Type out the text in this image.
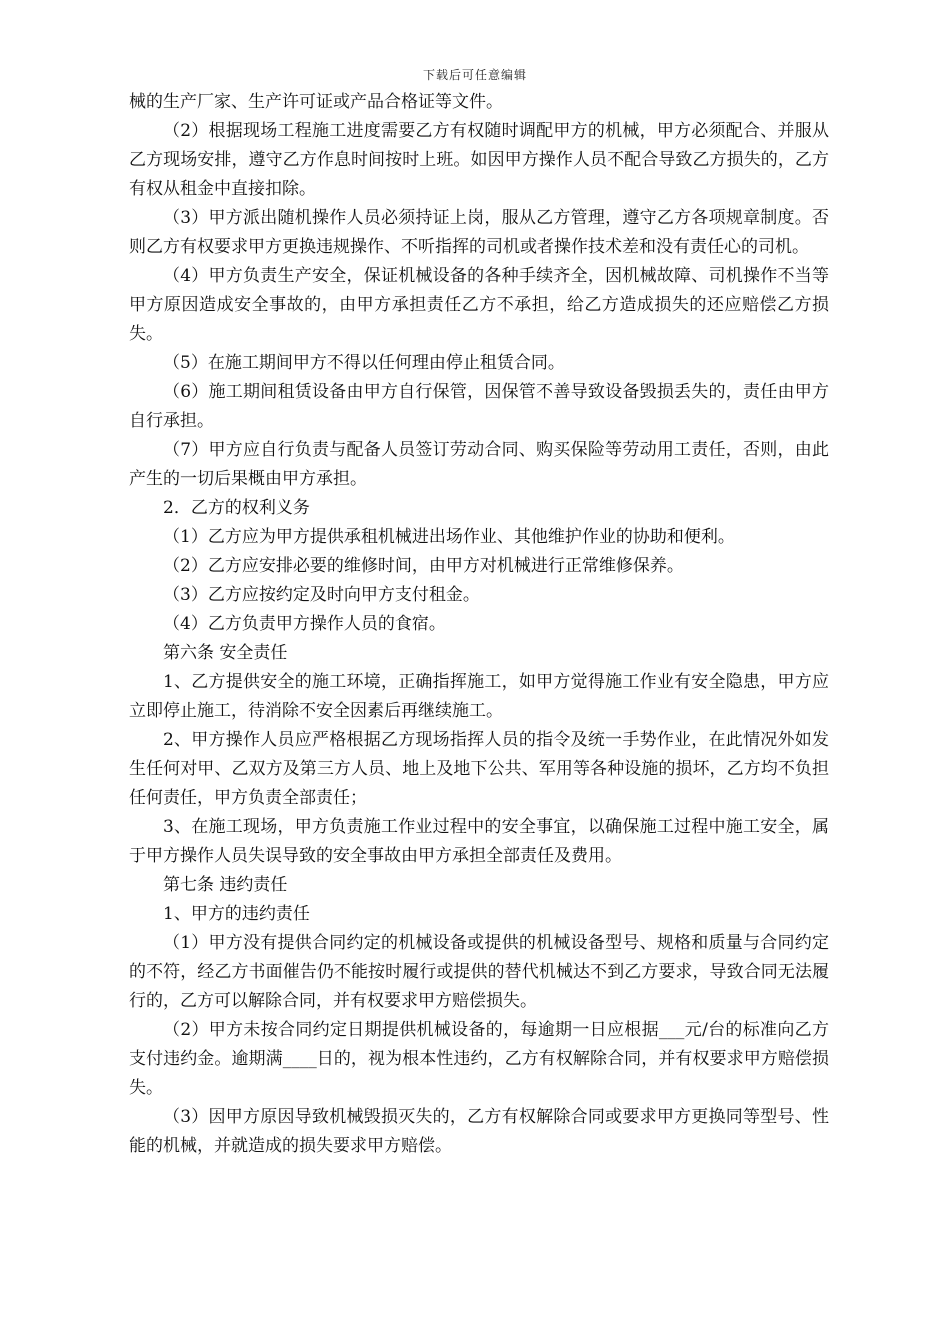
下载后可任意编辑

械的生产厂家、生产许可证或产品合格证等文件。

（2）根据现场工程施工进度需要乙方有权随时调配甲方的机械，甲方必须配合、并服从乙方现场安排，遵守乙方作息时间按时上班。如因甲方操作人员不配合导致乙方损失的，乙方有权从租金中直接扣除。

（3）甲方派出随机操作人员必须持证上岗，服从乙方管理，遵守乙方各项规章制度。否则乙方有权要求甲方更换违规操作、不听指挥的司机或者操作技术差和没有责任心的司机。

（4）甲方负责生产安全，保证机械设备的各种手续齐全，因机械故障、司机操作不当等甲方原因造成安全事故的，由甲方承担责任乙方不承担，给乙方造成损失的还应赔偿乙方损失。

（5）在施工期间甲方不得以任何理由停止租赁合同。

（6）施工期间租赁设备由甲方自行保管，因保管不善导致设备毁损丢失的，责任由甲方自行承担。

（7）甲方应自行负责与配备人员签订劳动合同、购买保险等劳动用工责任，否则，由此产生的一切后果概由甲方承担。

2．乙方的权利义务

（1）乙方应为甲方提供承租机械进出场作业、其他维护作业的协助和便利。

（2）乙方应安排必要的维修时间，由甲方对机械进行正常维修保养。

（3）乙方应按约定及时向甲方支付租金。

（4）乙方负责甲方操作人员的食宿。

第六条 安全责任

1、乙方提供安全的施工环境，正确指挥施工，如甲方觉得施工作业有安全隐患，甲方应立即停止施工，待消除不安全因素后再继续施工。

2、甲方操作人员应严格根据乙方现场指挥人员的指令及统一手势作业，在此情况外如发生任何对甲、乙双方及第三方人员、地上及地下公共、军用等各种设施的损坏，乙方均不负担任何责任，甲方负责全部责任；

3、在施工现场，甲方负责施工作业过程中的安全事宜，以确保施工过程中施工安全，属于甲方操作人员失误导致的安全事故由甲方承担全部责任及费用。

第七条 违约责任

1、甲方的违约责任

（1）甲方没有提供合同约定的机械设备或提供的机械设备型号、规格和质量与合同约定的不符，经乙方书面催告仍不能按时履行或提供的替代机械达不到乙方要求，导致合同无法履行的，乙方可以解除合同，并有权要求甲方赔偿损失。

（2）甲方未按合同约定日期提供机械设备的，每逾期一日应根据___元/台的标准向乙方支付违约金。逾期满____日的，视为根本性违约，乙方有权解除合同，并有权要求甲方赔偿损失。

（3）因甲方原因导致机械毁损灭失的，乙方有权解除合同或要求甲方更换同等型号、性能的机械，并就造成的损失要求甲方赔偿。
